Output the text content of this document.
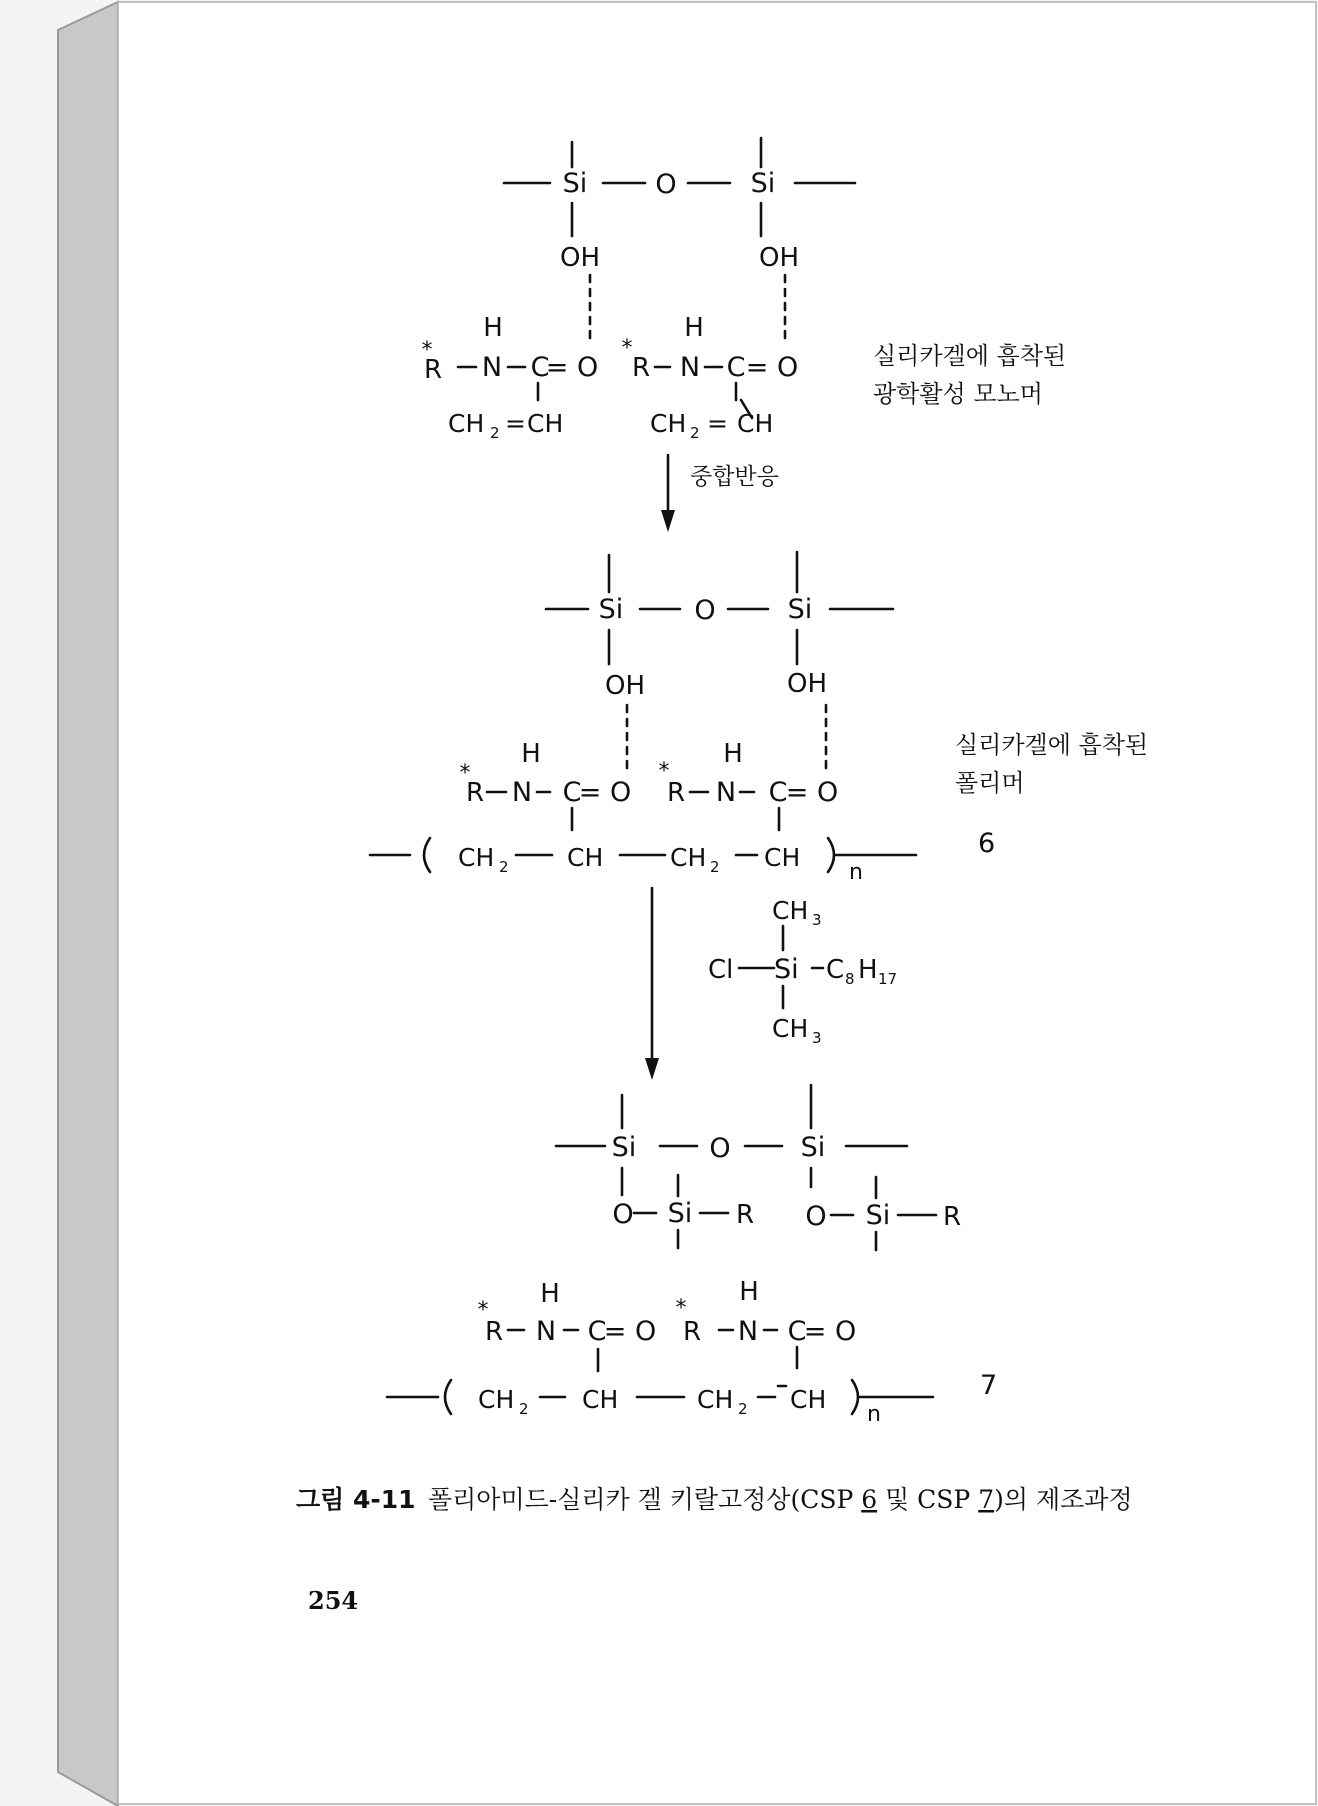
Si	O	Si
OH	OH
H	H
*
R N C
= O
*
R N C = O
CH 2 = CH	CH 2 = CH
실리카겔에 흡착된
광학활성 모노머
중합반응
Si	O	Si
OH	OH
H	H
*
R N C
= O
*
R N C
= O
CH 2 CH	CH 2 CH
n
6
실리카겔에 흡착된
폴리머
CH 3
Cl Si C 8 H 17
CH 3
Si	O	Si
O Si R O Si R
H	H
*
R N C
= O
*
R N C
= O
CH 2 CH	CH 2 CH
n
7
그림 4-11 폴리아미드-실리카 겔 키랄고정상(CSP 6 및 CSP 7)의 제조과정
254
